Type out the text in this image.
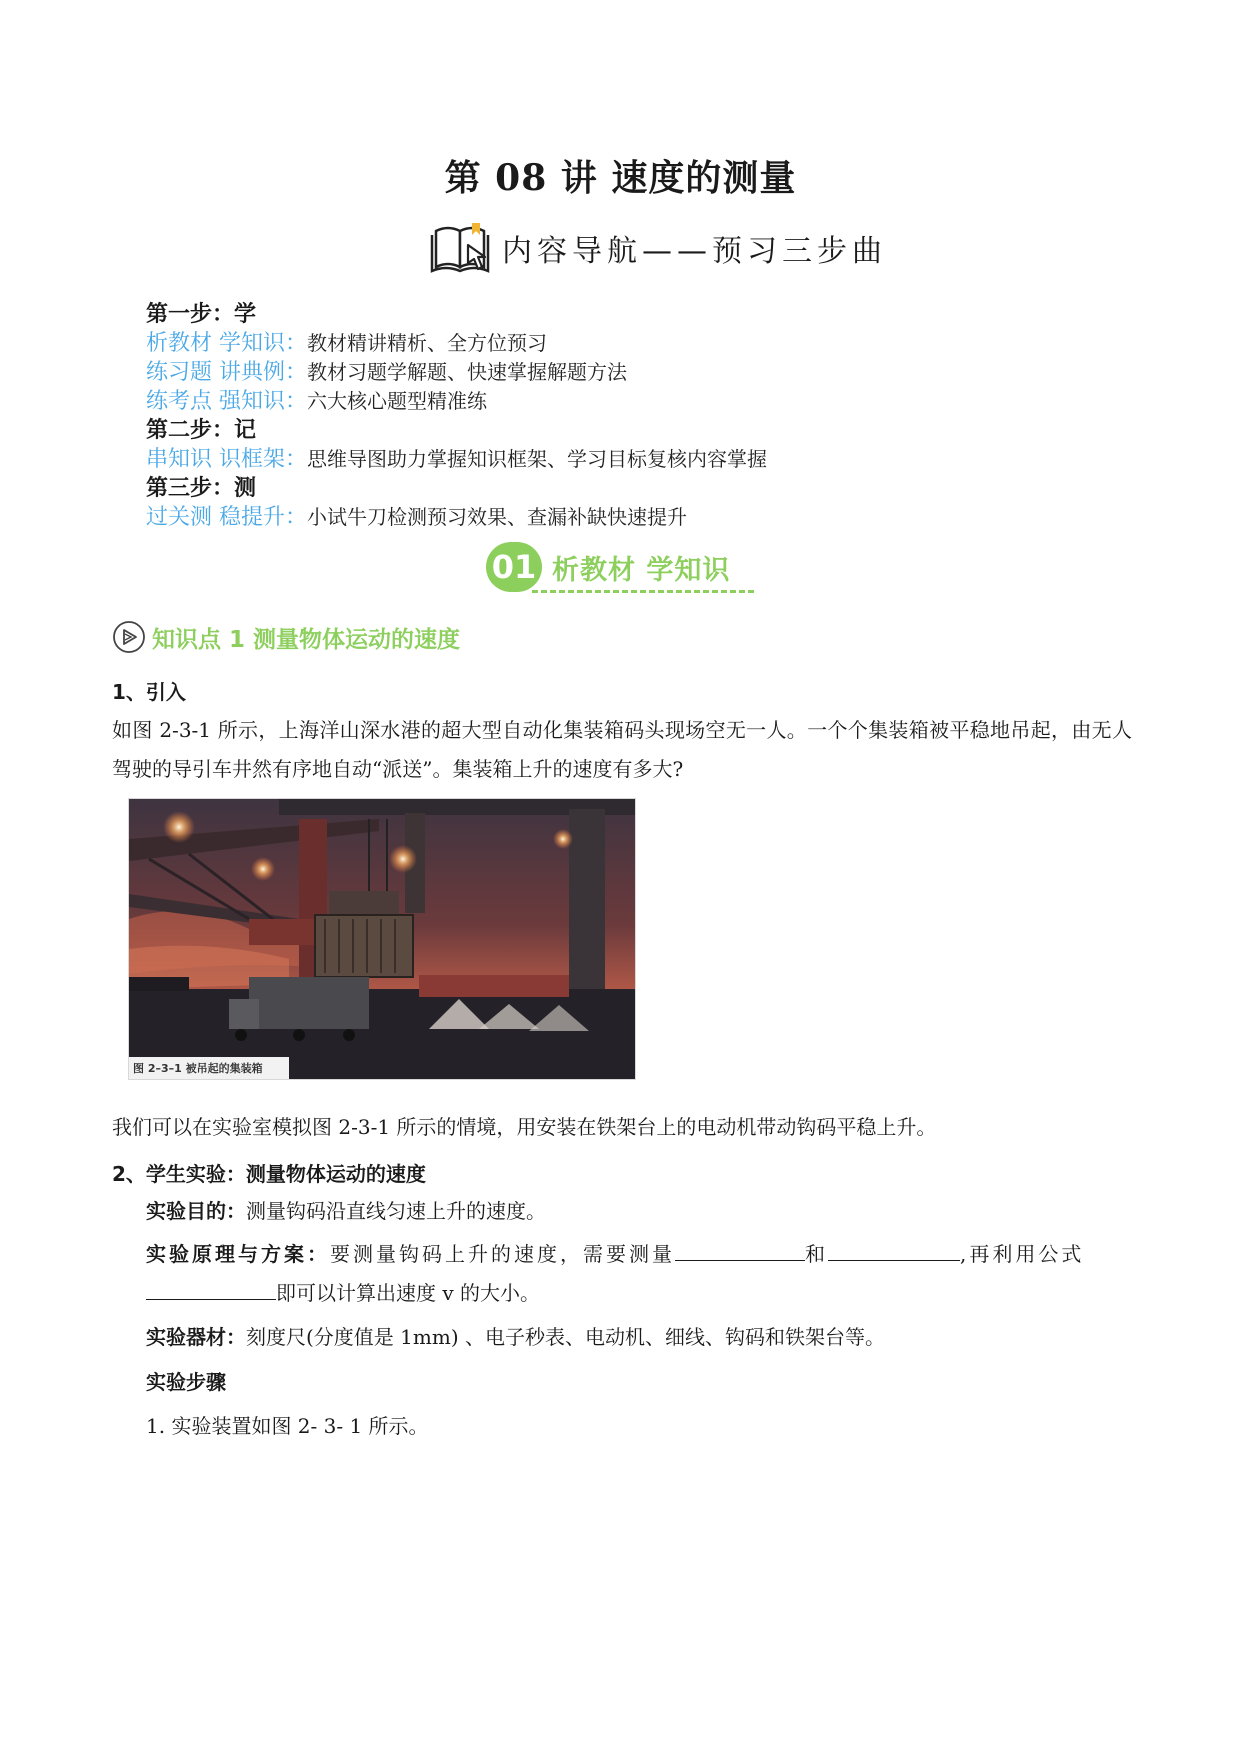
第 08 讲 速度的测量
内容导航——预习三步曲
第一步：学
析教材 学知识：教材精讲精析、全方位预习
练习题 讲典例：教材习题学解题、快速掌握解题方法
练考点 强知识：六大核心题型精准练
第二步：记
串知识 识框架：思维导图助力掌握知识框架、学习目标复核内容掌握
第三步：测
过关测 稳提升：小试牛刀检测预习效果、查漏补缺快速提升
01 析教材 学知识
知识点 1 测量物体运动的速度
1、引入
如图 2-3-1 所示，上海洋山深水港的超大型自动化集装箱码头现场空无一人。一个个集装箱被平稳地吊起，由无人驾驶的导引车井然有序地自动“派送”。集装箱上升的速度有多大?
图 2–3–1 被吊起的集装箱
我们可以在实验室模拟图 2-3-1 所示的情境，用安装在铁架台上的电动机带动钩码平稳上升。
2、学生实验：测量物体运动的速度
实验目的：测量钩码沿直线匀速上升的速度。
实验原理与方案：要测量钩码上升的速度，需要测量	和	,再利用公式
即可以计算出速度 v 的大小。
实验器材：刻度尺(分度值是 1mm) 、电子秒表、电动机、细线、钩码和铁架台等。
实验步骤
1. 实验装置如图 2- 3- 1 所示。
